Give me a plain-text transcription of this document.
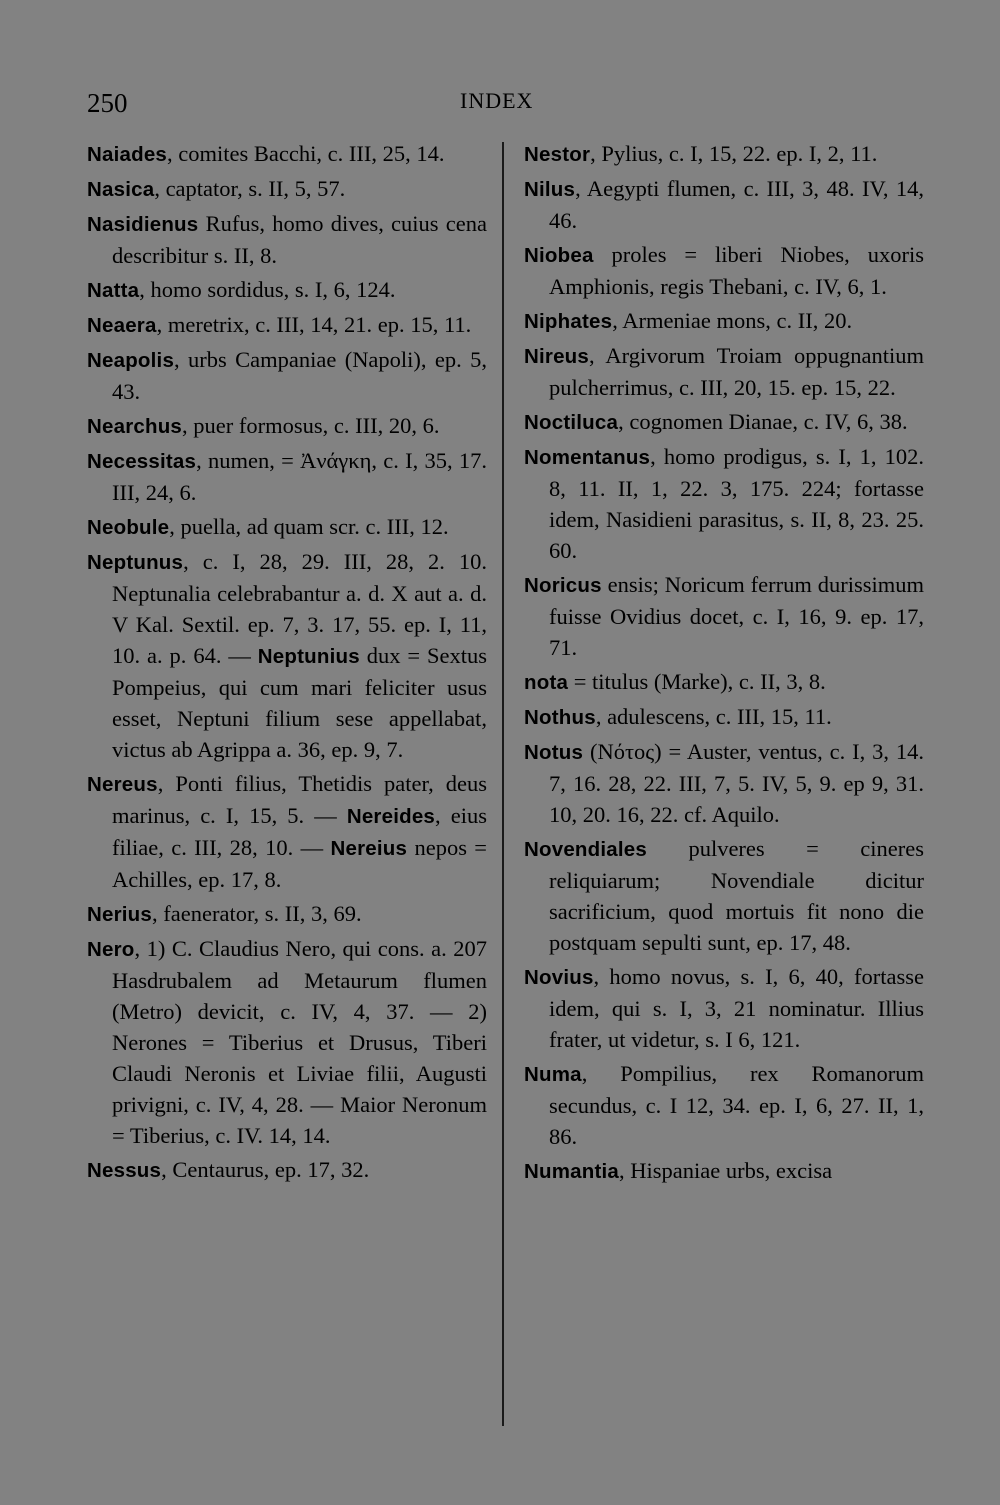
250	INDEX

Naiades, comites Bacchi, c. III, 25, 14.

Nasica, captator, s. II, 5, 57.

Nasidienus Rufus, homo dives, cuius cena describitur s. II, 8.

Natta, homo sordidus, s. I, 6, 124.

Neaera, meretrix, c. III, 14, 21. ep. 15, 11.

Neapolis, urbs Campaniae (Napoli), ep. 5, 43.

Nearchus, puer formosus, c. III, 20, 6.

Necessitas, numen, = Ἀνάγκη, c. I, 35, 17. III, 24, 6.

Neobule, puella, ad quam scr. c. III, 12.

Neptunus, c. I, 28, 29. III, 28, 2. 10. Neptunalia celebrabantur a. d. X aut a. d. V Kal. Sextil. ep. 7, 3. 17, 55. ep. I, 11, 10. a. p. 64. — Neptunius dux = Sextus Pompeius, qui cum mari feliciter usus esset, Neptuni filium sese appellabat, victus ab Agrippa a. 36, ep. 9, 7.

Nereus, Ponti filius, Thetidis pater, deus marinus, c. I, 15, 5. — Nereides, eius filiae, c. III, 28, 10. — Nereius nepos = Achilles, ep. 17, 8.

Nerius, faenerator, s. II, 3, 69.

Nero, 1) C. Claudius Nero, qui cons. a. 207 Hasdrubalem ad Metaurum flumen (Metro) devicit, c. IV, 4, 37. — 2) Nerones = Tiberius et Drusus, Tiberi Claudi Neronis et Liviae filii, Augusti privigni, c. IV, 4, 28. — Maior Neronum = Tiberius, c. IV. 14, 14.

Nessus, Centaurus, ep. 17, 32.

Nestor, Pylius, c. I, 15, 22. ep. I, 2, 11.

Nilus, Aegypti flumen, c. III, 3, 48. IV, 14, 46.

Niobea proles = liberi Niobes, uxoris Amphionis, regis Thebani, c. IV, 6, 1.

Niphates, Armeniae mons, c. II, 20.

Nireus, Argivorum Troiam oppugnantium pulcherrimus, c. III, 20, 15. ep. 15, 22.

Noctiluca, cognomen Dianae, c. IV, 6, 38.

Nomentanus, homo prodigus, s. I, 1, 102. 8, 11. II, 1, 22. 3, 175. 224; fortasse idem, Nasidieni parasitus, s. II, 8, 23. 25. 60.

Noricus ensis; Noricum ferrum durissimum fuisse Ovidius docet, c. I, 16, 9. ep. 17, 71.

nota = titulus (Marke), c. II, 3, 8.

Nothus, adulescens, c. III, 15, 11.

Notus (Νότος) = Auster, ventus, c. I, 3, 14. 7, 16. 28, 22. III, 7, 5. IV, 5, 9. ep 9, 31. 10, 20. 16, 22. cf. Aquilo.

Novendiales pulveres = cineres reliquiarum; Novendiale dicitur sacrificium, quod mortuis fit nono die postquam sepulti sunt, ep. 17, 48.

Novius, homo novus, s. I, 6, 40, fortasse idem, qui s. I, 3, 21 nominatur. Illius frater, ut videtur, s. I 6, 121.

Numa, Pompilius, rex Romanorum secundus, c. I 12, 34. ep. I, 6, 27. II, 1, 86.

Numantia, Hispaniae urbs, excisa
